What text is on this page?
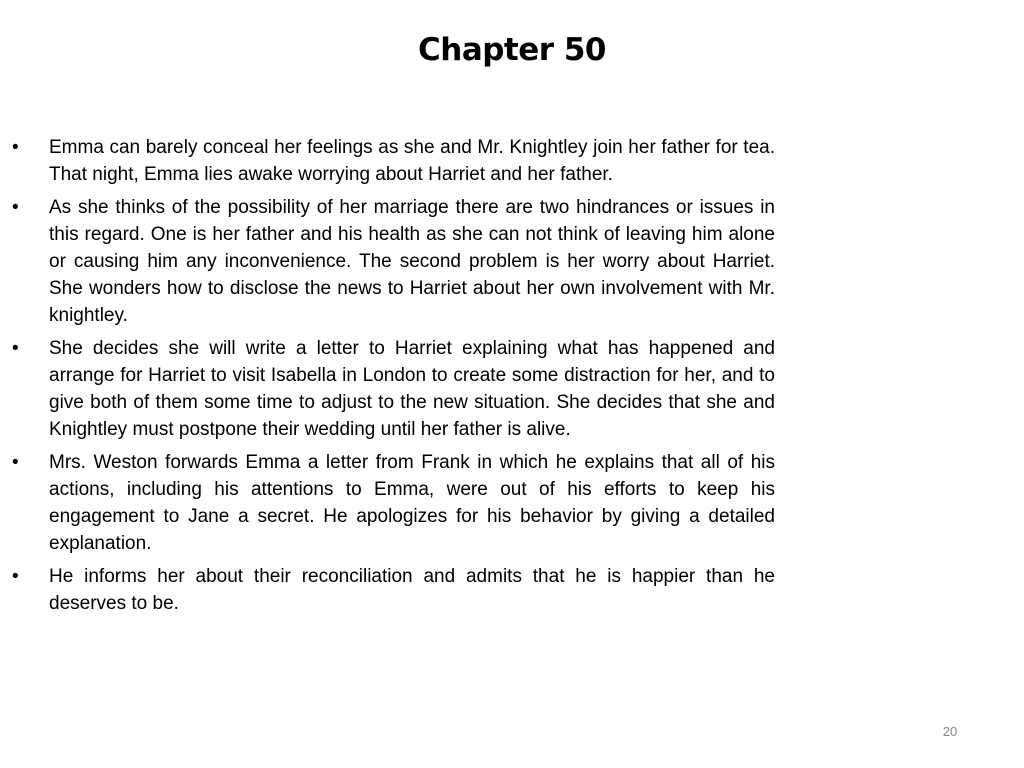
Chapter 50
•	Emma can barely conceal her feelings as she and Mr. Knightley join her father for tea. That night, Emma lies awake worrying about Harriet and her father.
•	As she thinks of the possibility of her marriage there are two hindrances or issues in this regard. One is her father and his health as she can not think of leaving him alone or causing him any inconvenience. The second problem is her worry about Harriet. She wonders how to disclose the news to Harriet about her own involvement with Mr. knightley.
•	She decides she will write a letter to Harriet explaining what has happened and arrange for Harriet to visit Isabella in London to create some distraction for her, and to give both of them some time to adjust to the new situation. She decides that she and Knightley must postpone their wedding until her father is alive.
•	Mrs. Weston forwards Emma a letter from Frank in which he explains that all of his actions, including his attentions to Emma, were out of his efforts to keep his engagement to Jane a secret. He apologizes for his behavior by giving a detailed explanation.
•	He informs her about their reconciliation and admits that he is happier than he deserves to be.
20
